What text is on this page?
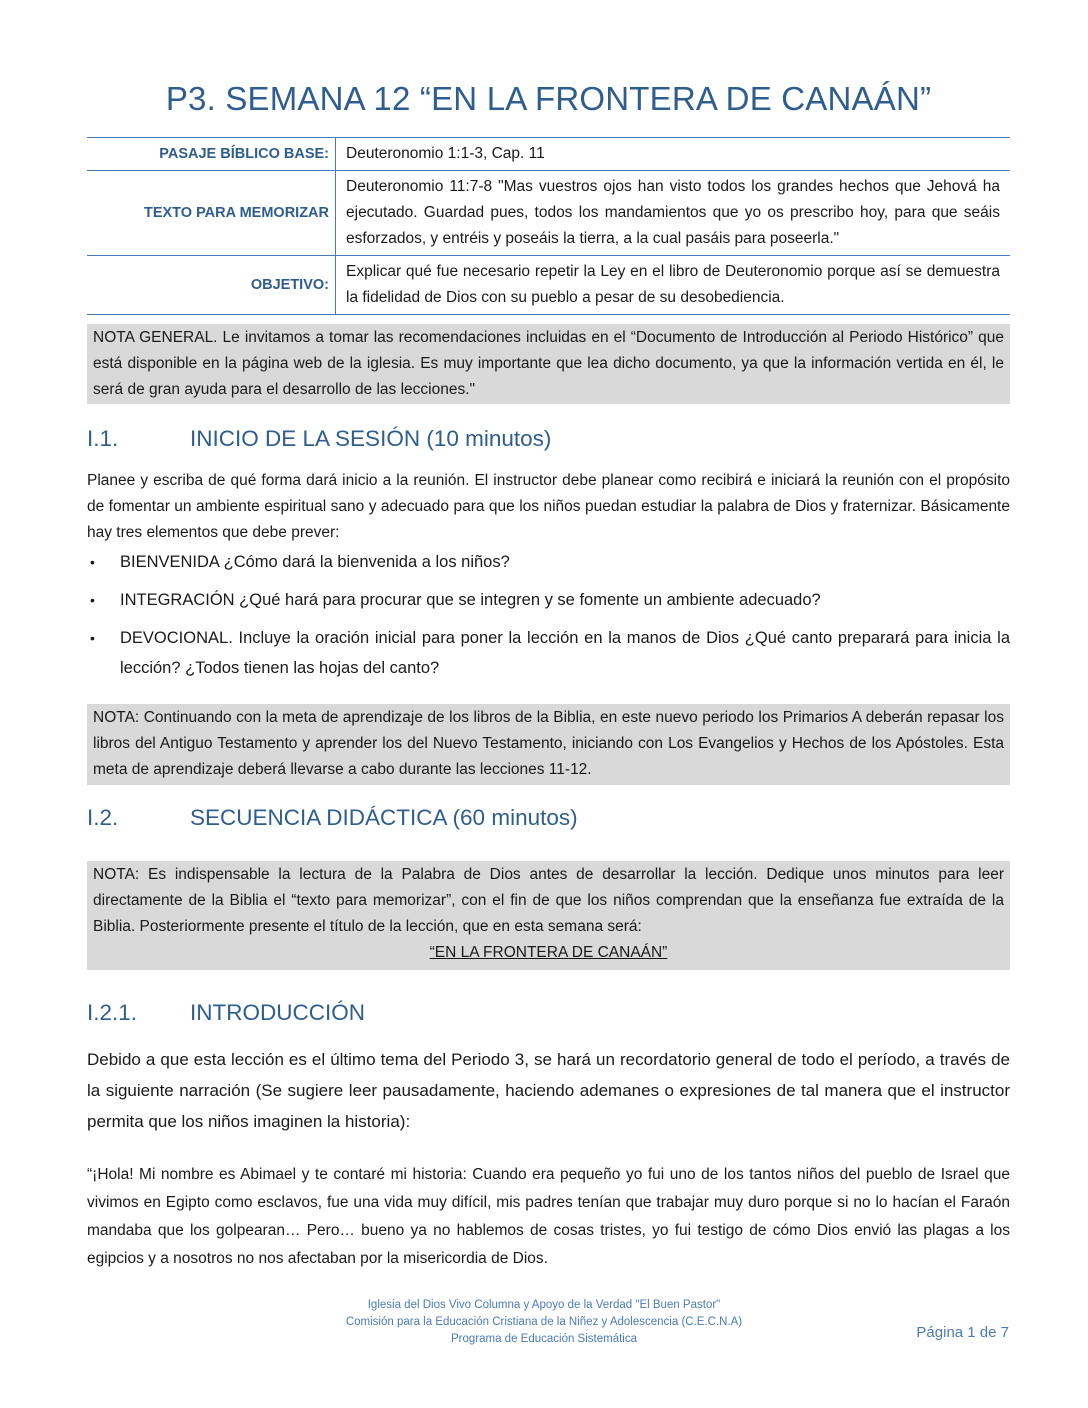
P3. SEMANA 12 “EN LA FRONTERA DE CANAÁN”
PASAJE BÍBLICO BASE:	Deuteronomio 1:1-3, Cap. 11
TEXTO PARA MEMORIZAR	Deuteronomio 11:7-8 "Mas vuestros ojos han visto todos los grandes hechos que Jehová ha ejecutado. Guardad pues, todos los mandamientos que yo os prescribo hoy, para que seáis esforzados, y entréis y poseáis la tierra, a la cual pasáis para poseerla."
OBJETIVO:	Explicar qué fue necesario repetir la Ley en el libro de Deuteronomio porque así se demuestra la fidelidad de Dios con su pueblo a pesar de su desobediencia.
NOTA GENERAL. Le invitamos a tomar las recomendaciones incluidas en el “Documento de Introducción al Periodo Histórico” que está disponible en la página web de la iglesia. Es muy importante que lea dicho documento, ya que la información vertida en él, le será de gran ayuda para el desarrollo de las lecciones."
I.1.	INICIO DE LA SESIÓN (10 minutos)
Planee y escriba de qué forma dará inicio a la reunión. El instructor debe planear como recibirá e iniciará la reunión con el propósito de fomentar un ambiente espiritual sano y adecuado para que los niños puedan estudiar la palabra de Dios y fraternizar. Básicamente hay tres elementos que debe prever:
• BIENVENIDA ¿Cómo dará la bienvenida a los niños?
• INTEGRACIÓN ¿Qué hará para procurar que se integren y se fomente un ambiente adecuado?
• DEVOCIONAL. Incluye la oración inicial para poner la lección en la manos de Dios ¿Qué canto preparará para inicia la lección? ¿Todos tienen las hojas del canto?
NOTA: Continuando con la meta de aprendizaje de los libros de la Biblia, en este nuevo periodo los Primarios A deberán repasar los libros del Antiguo Testamento y aprender los del Nuevo Testamento, iniciando con Los Evangelios y Hechos de los Apóstoles. Esta meta de aprendizaje deberá llevarse a cabo durante las lecciones 11-12.
I.2.	SECUENCIA DIDÁCTICA (60 minutos)
NOTA: Es indispensable la lectura de la Palabra de Dios antes de desarrollar la lección. Dedique unos minutos para leer directamente de la Biblia el “texto para memorizar”, con el fin de que los niños comprendan que la enseñanza fue extraída de la Biblia. Posteriormente presente el título de la lección, que en esta semana será:
“EN LA FRONTERA DE CANAÁN”
I.2.1. INTRODUCCIÓN
Debido a que esta lección es el último tema del Periodo 3, se hará un recordatorio general de todo el período, a través de la siguiente narración (Se sugiere leer pausadamente, haciendo ademanes o expresiones de tal manera que el instructor permita que los niños imaginen la historia):
“¡Hola! Mi nombre es Abimael y te contaré mi historia: Cuando era pequeño yo fui uno de los tantos niños del pueblo de Israel que vivimos en Egipto como esclavos, fue una vida muy difícil, mis padres tenían que trabajar muy duro porque si no lo hacían el Faraón mandaba que los golpearan… Pero… bueno ya no hablemos de cosas tristes, yo fui testigo de cómo Dios envió las plagas a los egipcios y a nosotros no nos afectaban por la misericordia de Dios.
Iglesia del Dios Vivo Columna y Apoyo de la Verdad "El Buen Pastor"
Comisión para la Educación Cristiana de la Niñez y Adolescencia (C.E.C.N.A)
Programa de Educación Sistemática	Página 1 de 7
